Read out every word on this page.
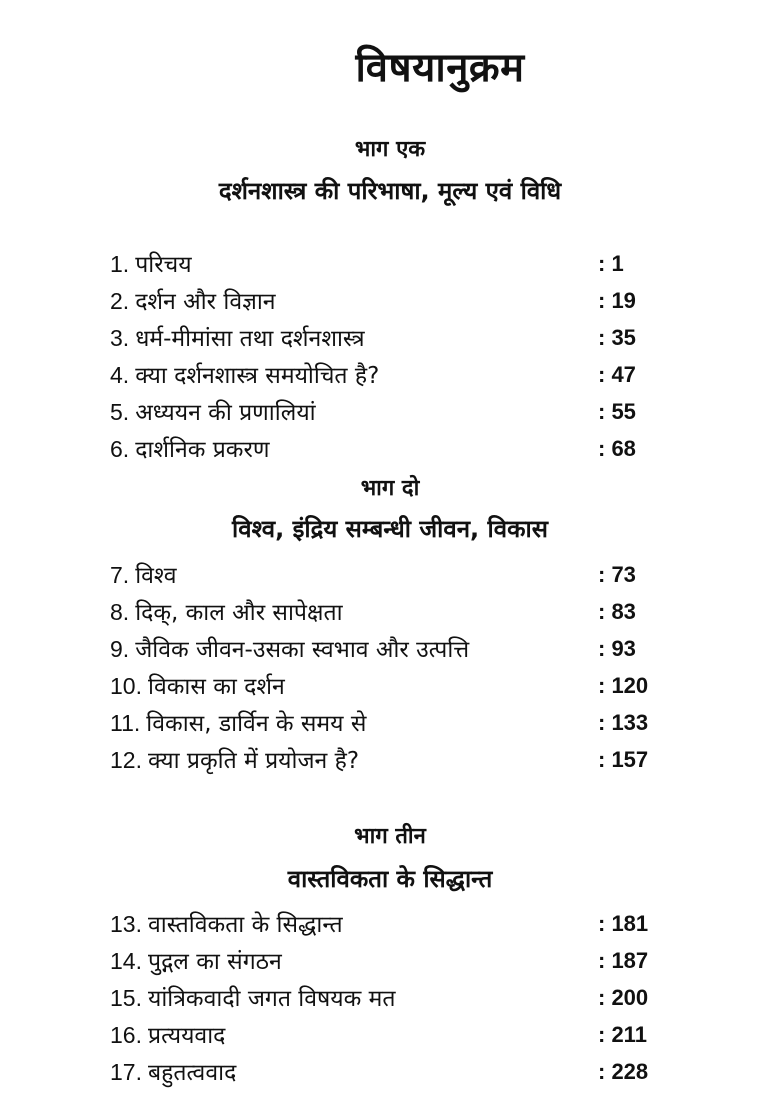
विषयानुक्रम
भाग एक
दर्शनशास्त्र की परिभाषा, मूल्य एवं विधि
1. परिचय	: 1
2. दर्शन और विज्ञान	: 19
3. धर्म-मीमांसा तथा दर्शनशास्त्र	: 35
4. क्या दर्शनशास्त्र समयोचित है?	: 47
5. अध्ययन की प्रणालियां	: 55
6. दार्शनिक प्रकरण	: 68
भाग दो
विश्व, इंद्रिय सम्बन्धी जीवन, विकास
7. विश्व	: 73
8. दिक्, काल और सापेक्षता	: 83
9. जैविक जीवन-उसका स्वभाव और उत्पत्ति	: 93
10. विकास का दर्शन	: 120
11. विकास, डार्विन के समय से	: 133
12. क्या प्रकृति में प्रयोजन है?	: 157
भाग तीन
वास्तविकता के सिद्धान्त
13. वास्तविकता के सिद्धान्त	: 181
14. पुद्गल का संगठन	: 187
15. यांत्रिकवादी जगत विषयक मत	: 200
16. प्रत्ययवाद	: 211
17. बहुतत्ववाद	: 228
